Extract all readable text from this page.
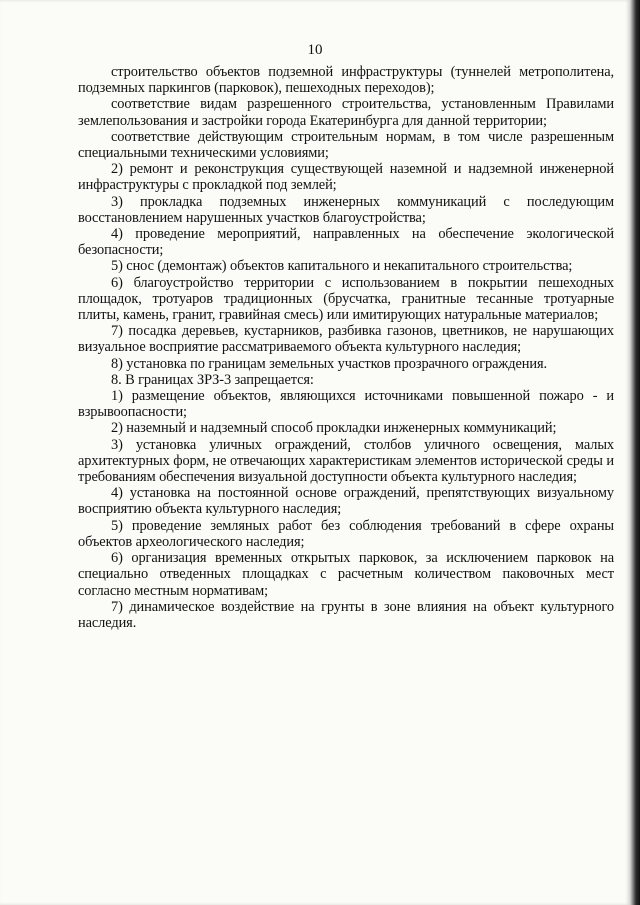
10

строительство объектов подземной инфраструктуры (туннелей метрополитена, подземных паркингов (парковок), пешеходных переходов);

соответствие видам разрешенного строительства, установленным Правилами землепользования и застройки города Екатеринбурга для данной территории;

соответствие действующим строительным нормам, в том числе разрешенным специальными техническими условиями;

2) ремонт и реконструкция существующей наземной и надземной инженерной инфраструктуры с прокладкой под землей;

3) прокладка подземных инженерных коммуникаций с последующим восстановлением нарушенных участков благоустройства;

4) проведение мероприятий, направленных на обеспечение экологической безопасности;

5) снос (демонтаж) объектов капитального и некапитального строительства;

6) благоустройство территории с использованием в покрытии пешеходных площадок, тротуаров традиционных (брусчатка, гранитные тесанные тротуарные плиты, камень, гранит, гравийная смесь) или имитирующих натуральные материалов;

7) посадка деревьев, кустарников, разбивка газонов, цветников, не нарушающих визуальное восприятие рассматриваемого объекта культурного наследия;

8) установка по границам земельных участков прозрачного ограждения.

8. В границах ЗРЗ-3 запрещается:

1) размещение объектов, являющихся источниками повышенной пожаро - и взрывоопасности;

2) наземный и надземный способ прокладки инженерных коммуникаций;

3) установка уличных ограждений, столбов уличного освещения, малых архитектурных форм, не отвечающих характеристикам элементов исторической среды и требованиям обеспечения визуальной доступности объекта культурного наследия;

4) установка на постоянной основе ограждений, препятствующих визуальному восприятию объекта культурного наследия;

5) проведение земляных работ без соблюдения требований в сфере охраны объектов археологического наследия;

6) организация временных открытых парковок, за исключением парковок на специально отведенных площадках с расчетным количеством паковочных мест согласно местным нормативам;

7) динамическое воздействие на грунты в зоне влияния на объект культурного наследия.
